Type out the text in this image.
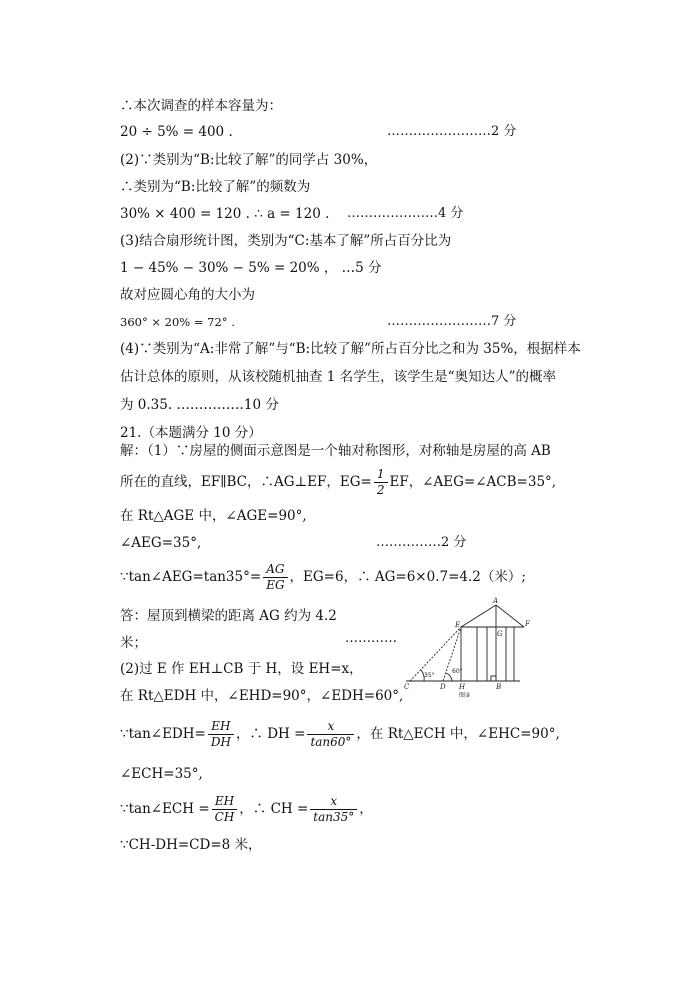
∴本次调查的样本容量为：
20 ÷ 5% = 400 .	……………………2 分
(2)∵类别为“B:比较了解”的同学占 30%，
∴类别为“B:比较了解”的频数为
30% × 400 = 120 . ∴ a = 120 . …………………4 分
(3)结合扇形统计图，类别为“C:基本了解”所占百分比为
1 − 45% − 30% − 5% = 20% ， …5 分
故对应圆心角的大小为
360° × 20% = 72° .	……………………7 分
(4)∵类别为“A:非常了解”与“B:比较了解”所占百分比之和为 35%，根据样本
估计总体的原则，从该校随机抽查 1 名学生，该学生是“奥知达人”的概率
为 0.35. ……………10 分
21.（本题满分 10 分）
解：（1）∵房屋的侧面示意图是一个轴对称图形，对称轴是房屋的高 AB
所在的直线，EF∥BC，∴AG⊥EF，$EG= \frac{1}{2}$ EF，∠AEG=∠ACB=35°,
在 Rt△AGE 中，∠AGE=90°,
∠AEG=35°,	……………2 分
∵tan∠AEG=tan35°= $\frac{AG}{EG}$ ，EG=6，∴ AG=6×0.7=4.2（米）;
答：屋顶到横梁的距离 AG 约为 4.2
米；	…………
(2)过 E 作 EH⊥CB 于 H，设 EH=x，
在 Rt△EDH 中，∠EHD=90°，∠EDH=60°,
∵tan∠EDH= $\frac{EH}{DH}$ ，∴ DH = $\frac{x}{\tan 60^\circ}$ ，在 Rt△ECH 中，∠EHC=90°,
∠ECH=35°,
∵tan∠ECH = $\frac{EH}{CH}$ ，∴ CH = $\frac{x}{\tan 35^\circ}$ ，
∵CH-DH=CD=8 米，
A
E	F
G
C	D H	B
35°
60°
图②
